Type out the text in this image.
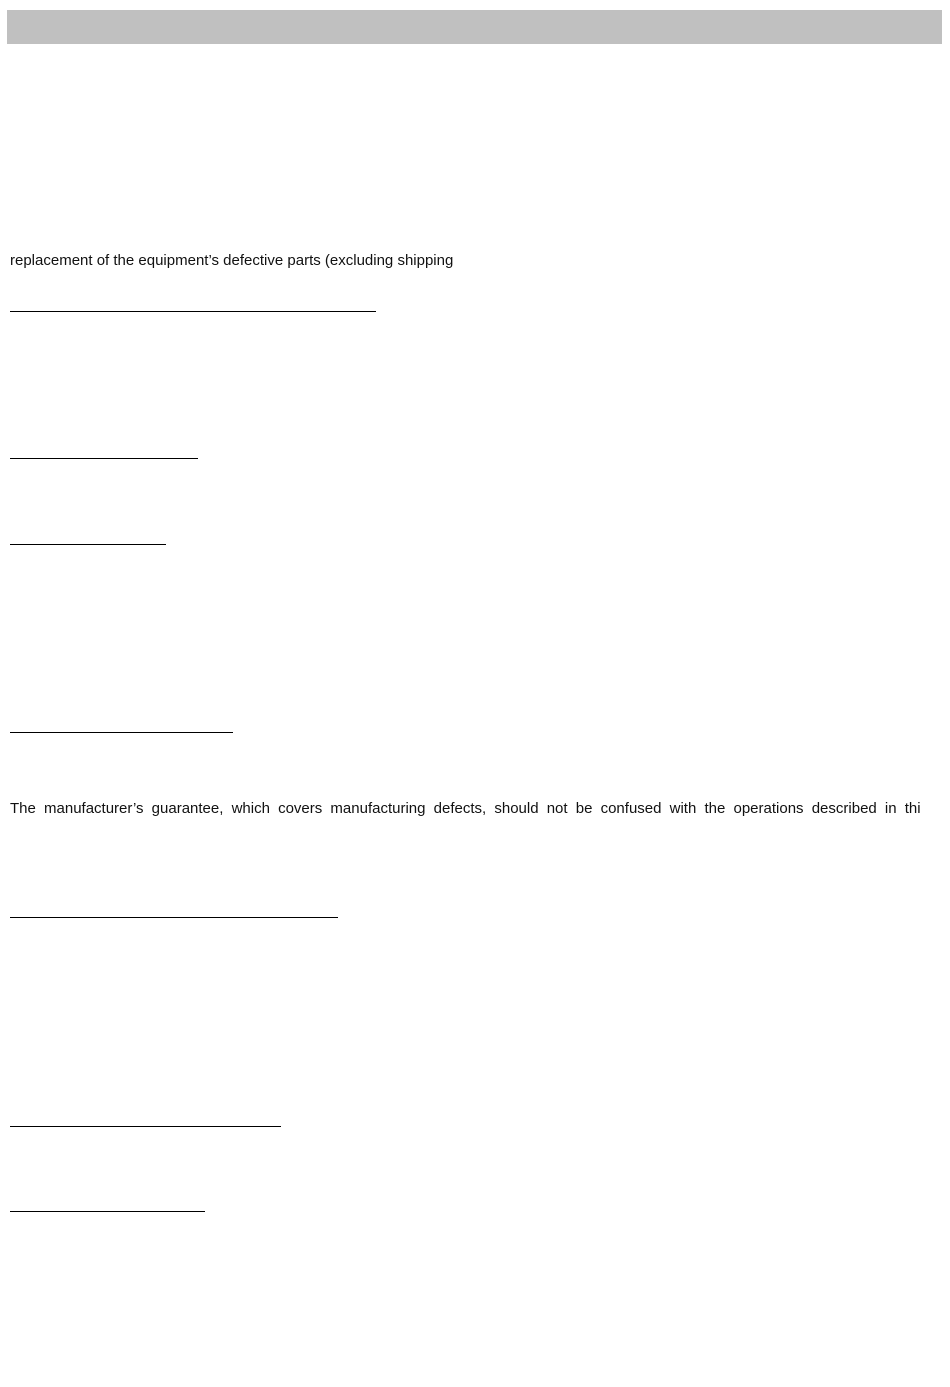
replacement of the equipment’s defective parts (excluding shipping
The manufacturer’s guarantee, which covers manufacturing defects, should not be confused with the operations described in thi
